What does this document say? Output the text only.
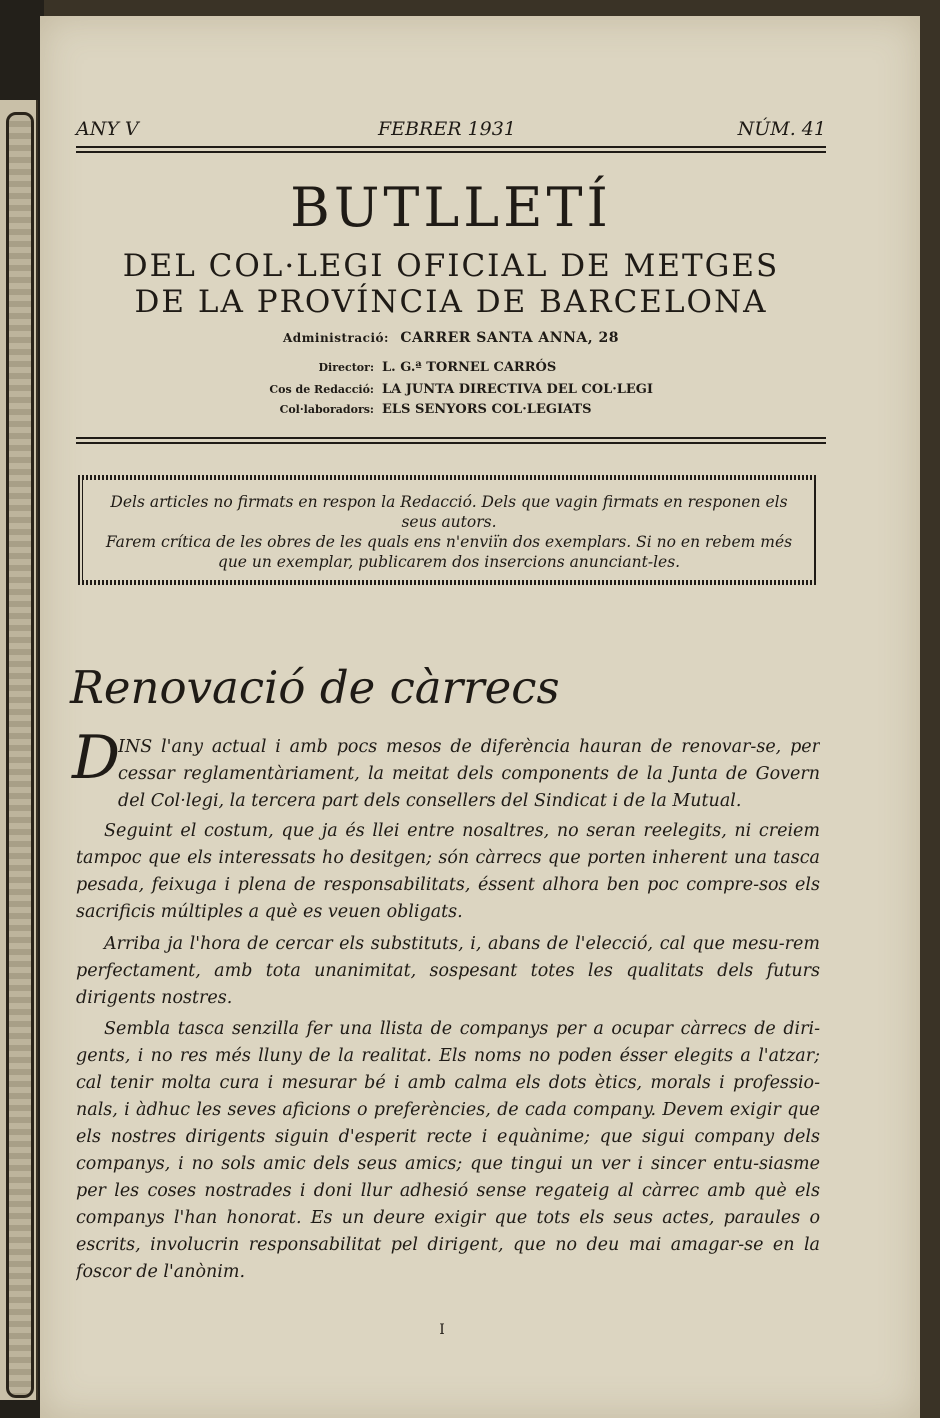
ANY V	FEBRER 1931	NÚM. 41
BUTLLETÍ
DEL COL·LEGI OFICIAL DE METGES
DE LA PROVÍNCIA DE BARCELONA
Administració: CARRER SANTA ANNA, 28
Director: L. G.ª TORNEL CARRÓS
Cos de Redacció: LA JUNTA DIRECTIVA DEL COL·LEGI
Col·laboradors: ELS SENYORS COL·LEGIATS
Dels articles no firmats en respon la Redacció. Dels que vagin firmats en responen els seus autors.
Farem crítica de les obres de les quals ens n'enviïn dos exemplars. Si no en rebem més que un exemplar, publicarem dos insercions anunciant-les.
Renovació de càrrecs
D
INS l'any actual i amb pocs mesos de diferència hauran de renovar-se, per cessar reglamentàriament, la meitat dels components de la Junta de Govern del Col·legi, la tercera part dels consellers del Sindicat i de la Mutual.
Seguint el costum, que ja és llei entre nosaltres, no seran reelegits, ni creiem tampoc que els interessats ho desitgen; són càrrecs que porten inherent una tasca pesada, feixuga i plena de responsabilitats, éssent alhora ben poc compre-sos els sacrificis múltiples a què es veuen obligats.
Arriba ja l'hora de cercar els substituts, i, abans de l'elecció, cal que mesu-rem perfectament, amb tota unanimitat, sospesant totes les qualitats dels futurs dirigents nostres.
Sembla tasca senzilla fer una llista de companys per a ocupar càrrecs de diri-gents, i no res més lluny de la realitat. Els noms no poden ésser elegits a l'atzar; cal tenir molta cura i mesurar bé i amb calma els dots ètics, morals i professio-nals, i àdhuc les seves aficions o preferències, de cada company. Devem exigir que els nostres dirigents siguin d'esperit recte i equànime; que sigui company dels companys, i no sols amic dels seus amics; que tingui un ver i sincer entu-siasme per les coses nostrades i doni llur adhesió sense regateig al càrrec amb què els companys l'han honorat. Es un deure exigir que tots els seus actes, paraules o escrits, involucrin responsabilitat pel dirigent, que no deu mai amagar-se en la foscor de l'anònim.
I
